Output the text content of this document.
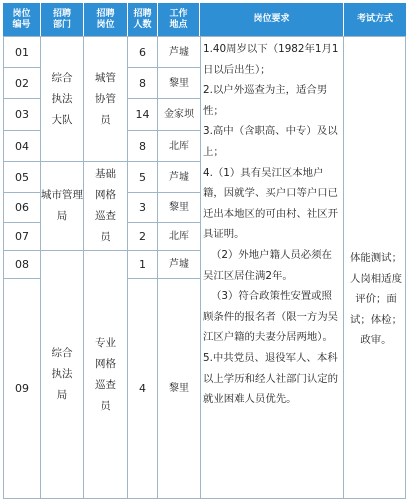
岗位编号
招聘部门
招聘岗位
招聘人数
工作地点
岗位要求	考试方式
01
02
03
04
05
06
07
08
09
综合执法大队
城市管理局
综合执法局
城管协管员
基础网格巡查员
专业网格巡查员
6
8
14
8
5
3
2
1
4
芦墟
黎里
金家坝
北厍
芦墟
黎里
北厍
芦墟
黎里

1.40周岁以下（1982年1月1日以后出生）；

2.以户外巡查为主，适合男性；

3.高中（含职高、中专）及以上；

4.（1）具有吴江区本地户籍，因就学、买户口等户口已迁出本地区的可由村、社区开具证明。

（2）外地户籍人员必须在吴江区居住满2年。

（3）符合政策性安置或照顾条件的报名者（限一方为吴江区户籍的夫妻分居两地）。

5.中共党员、退役军人、本科以上学历和经人社部门认定的就业困难人员优先。

体能测试；人岗相适度评价；面试；体检；政审。
